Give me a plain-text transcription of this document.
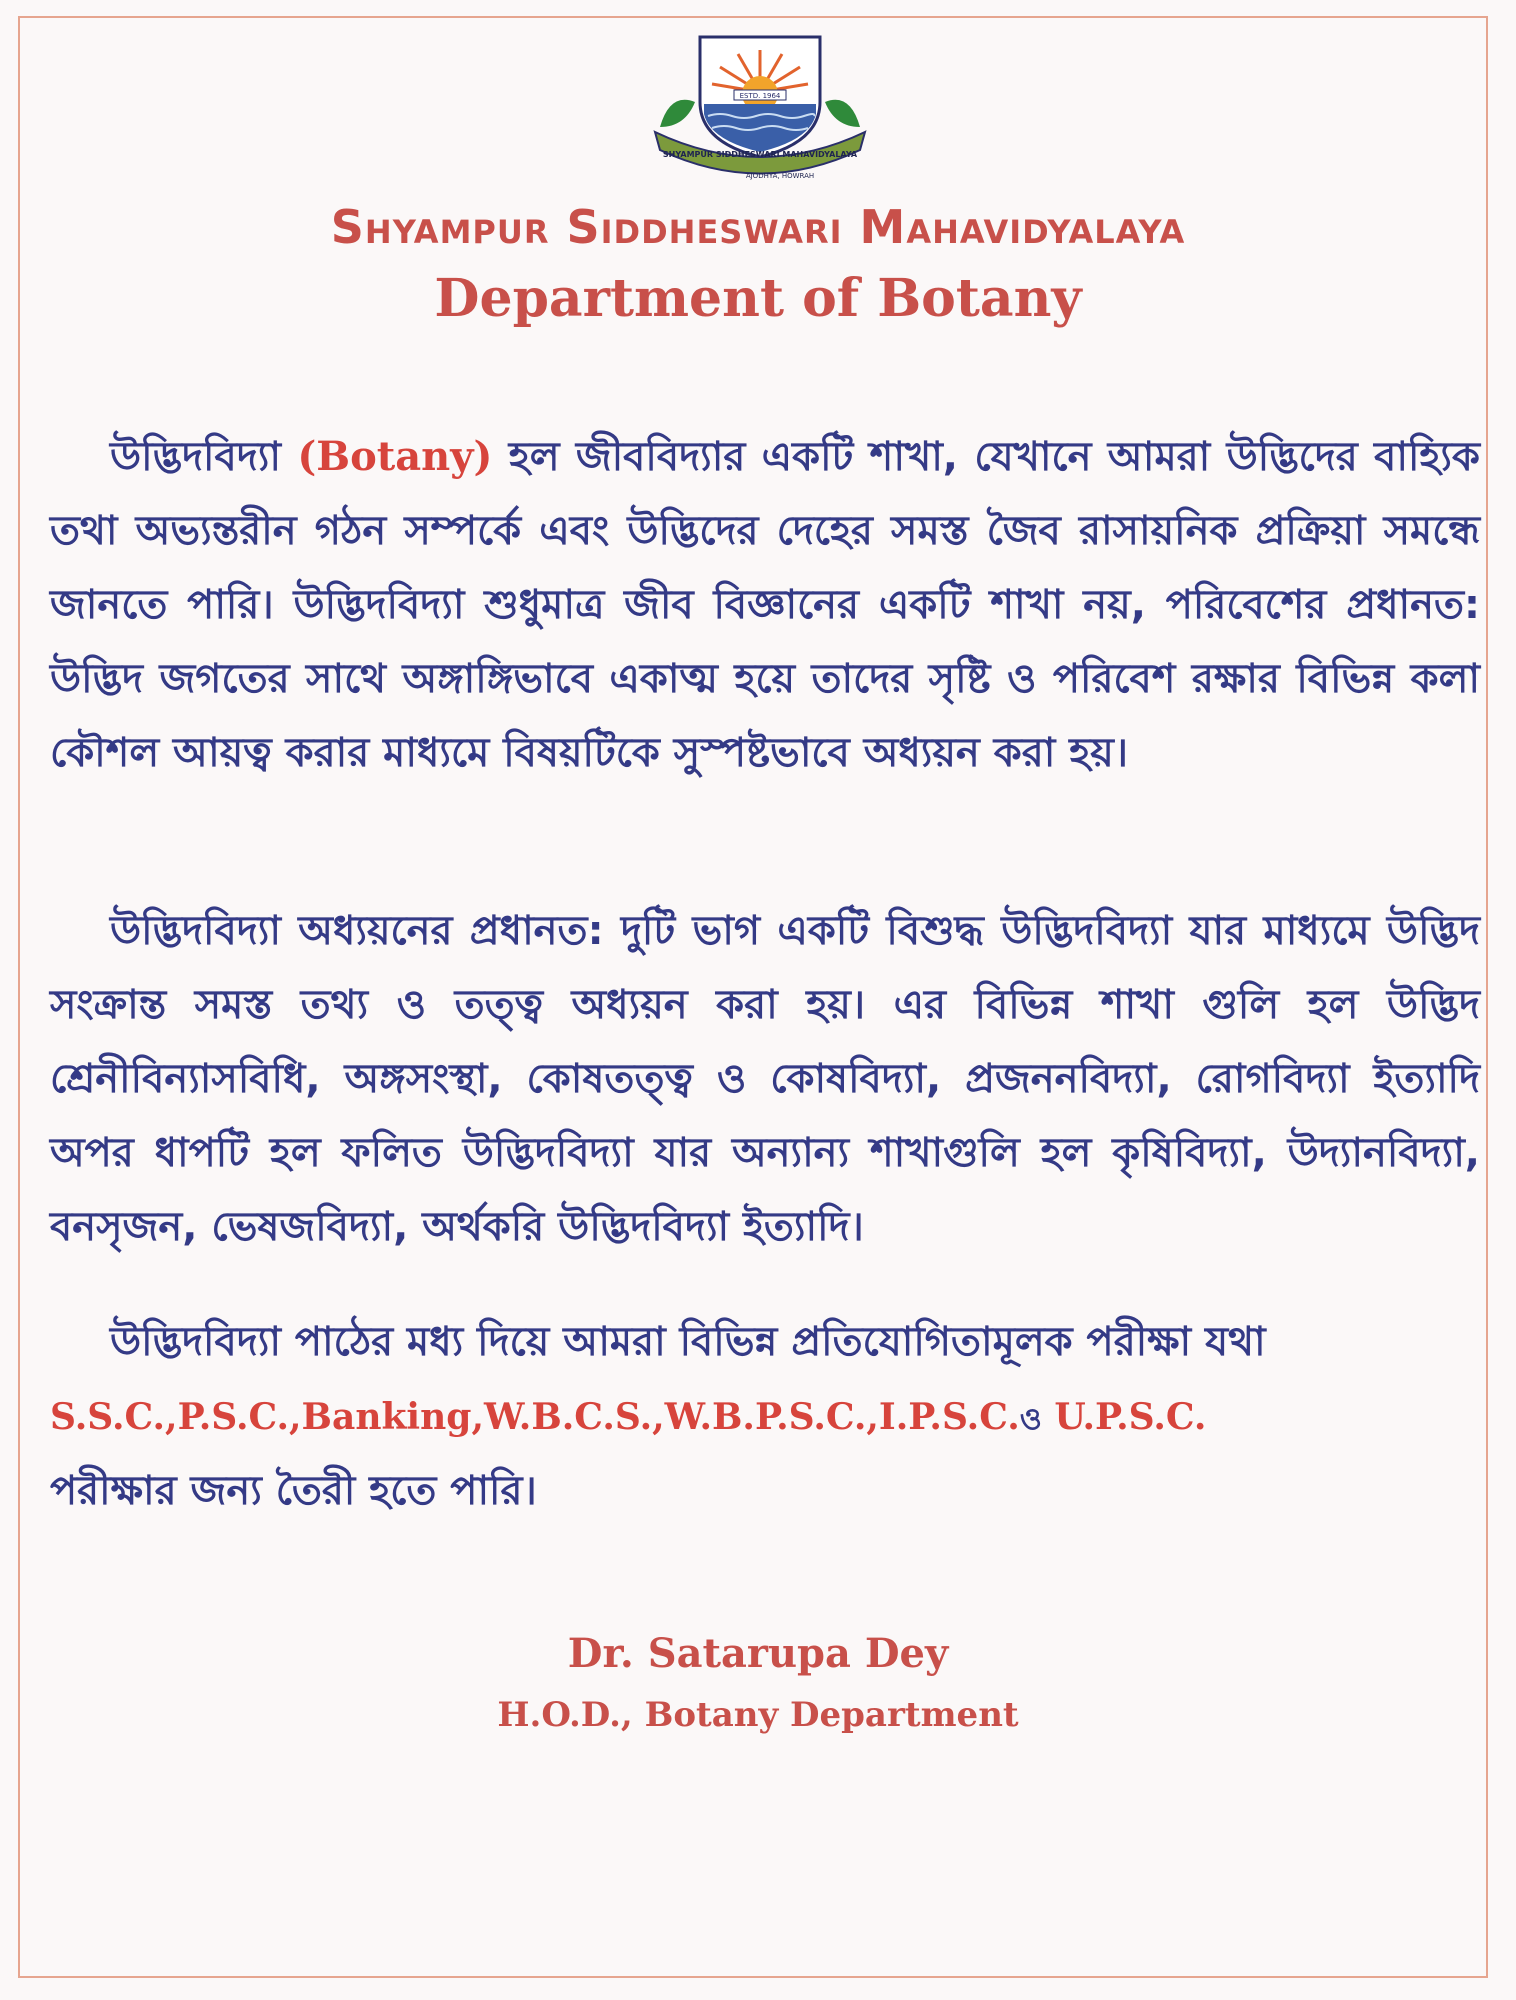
ESTD. 1964
SHYAMPUR SIDDHESWARI MAHAVIDYALAYA
AJODHYA, HOWRAH
Shyampur Siddheswari Mahavidyalaya
Department of Botany

উদ্ভিদবিদ্যা (Botany) হল জীববিদ্যার একটি শাখা, যেখানে আমরা উদ্ভিদের বাহ্যিক তথা অভ্যন্তরীন গঠন সম্পর্কে এবং উদ্ভিদের দেহের সমস্ত জৈব রাসায়নিক প্রক্রিয়া সমন্ধে জানতে পারি। উদ্ভিদবিদ্যা শুধুমাত্র জীব বিজ্ঞানের একটি শাখা নয়, পরিবেশের প্রধানত: উদ্ভিদ জগতের সাথে অঙ্গাঙ্গিভাবে একাত্ম হয়ে তাদের সৃষ্টি ও পরিবেশ রক্ষার বিভিন্ন কলা কৌশল আয়ত্ব করার মাধ্যমে বিষয়টিকে সুস্পষ্টভাবে অধ্যয়ন করা হয়।

উদ্ভিদবিদ্যা অধ্যয়নের প্রধানত: দুটি ভাগ একটি বিশুদ্ধ উদ্ভিদবিদ্যা যার মাধ্যমে উদ্ভিদ সংক্রান্ত সমস্ত তথ্য ও তত্ত্ব অধ্যয়ন করা হয়। এর বিভিন্ন শাখা গুলি হল উদ্ভিদ শ্রেনীবিন্যাসবিধি, অঙ্গসংস্থা, কোষতত্ত্ব ও কোষবিদ্যা, প্রজননবিদ্যা, রোগবিদ্যা ইত্যাদি অপর ধাপটি হল ফলিত উদ্ভিদবিদ্যা যার অন্যান্য শাখাগুলি হল কৃষিবিদ্যা, উদ্যানবিদ্যা, বনসৃজন, ভেষজবিদ্যা, অর্থকরি উদ্ভিদবিদ্যা ইত্যাদি।

উদ্ভিদবিদ্যা পাঠের মধ্য দিয়ে আমরা বিভিন্ন প্রতিযোগিতামূলক পরীক্ষা যথা

S.S.C.,P.S.C.,Banking,W.B.C.S.,W.B.P.S.C.,I.P.S.C.ও U.P.S.C.

পরীক্ষার জন্য তৈরী হতে পারি।

Dr. Satarupa Dey

H.O.D., Botany Department
